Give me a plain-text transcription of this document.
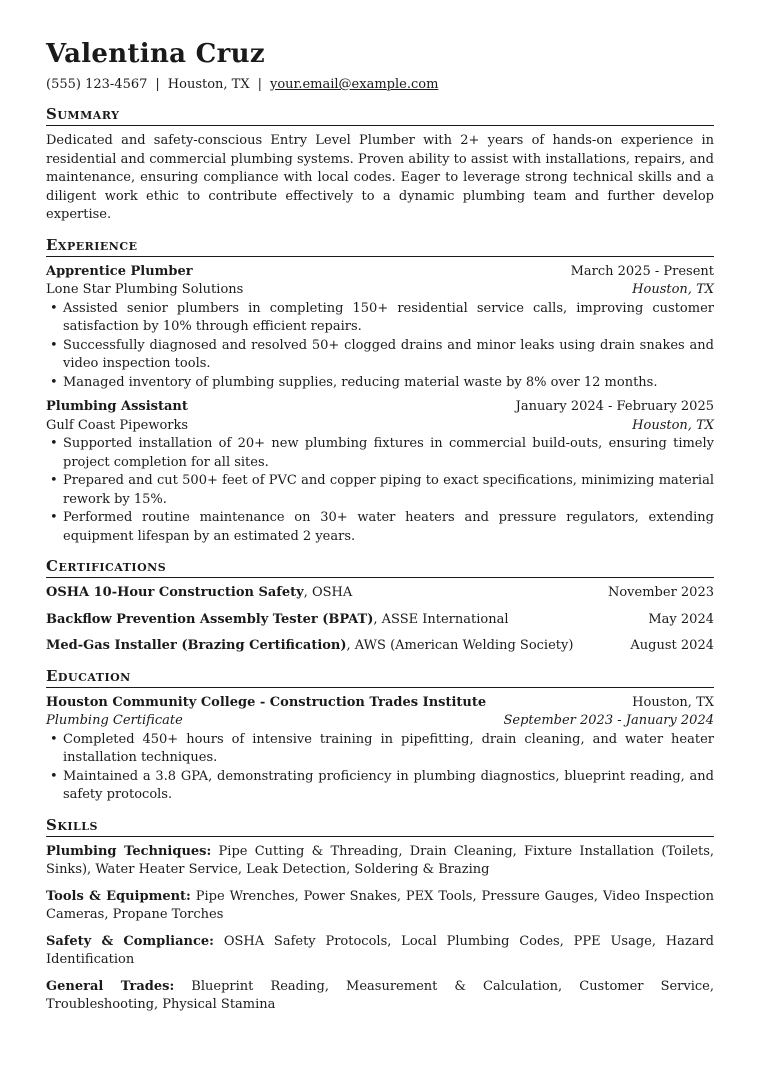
Valentina Cruz
(555) 123-4567 | Houston, TX | your.email@example.com
Summary

Dedicated and safety-conscious Entry Level Plumber with 2+ years of hands-on experience in residential and commercial plumbing systems. Proven ability to assist with installations, repairs, and maintenance, ensuring compliance with local codes. Eager to leverage strong technical skills and a diligent work ethic to contribute effectively to a dynamic plumbing team and further develop expertise.

Experience
Apprentice Plumber	March 2025 - Present
Lone Star Plumbing Solutions	Houston, TX
• Assisted senior plumbers in completing 150+ residential service calls, improving customer satisfaction by 10% through efficient repairs.
• Successfully diagnosed and resolved 50+ clogged drains and minor leaks using drain snakes and video inspection tools.
• Managed inventory of plumbing supplies, reducing material waste by 8% over 12 months.
Plumbing Assistant	January 2024 - February 2025
Gulf Coast Pipeworks	Houston, TX
• Supported installation of 20+ new plumbing fixtures in commercial build-outs, ensuring timely project completion for all sites.
• Prepared and cut 500+ feet of PVC and copper piping to exact specifications, minimizing material rework by 15%.
• Performed routine maintenance on 30+ water heaters and pressure regulators, extending equipment lifespan by an estimated 2 years.
Certifications
OSHA 10-Hour Construction Safety, OSHA	November 2023
Backflow Prevention Assembly Tester (BPAT), ASSE International	May 2024
Med-Gas Installer (Brazing Certification), AWS (American Welding Society)	August 2024
Education
Houston Community College - Construction Trades Institute	Houston, TX
Plumbing Certificate	September 2023 - January 2024
• Completed 450+ hours of intensive training in pipefitting, drain cleaning, and water heater installation techniques.
• Maintained a 3.8 GPA, demonstrating proficiency in plumbing diagnostics, blueprint reading, and safety protocols.
Skills
Plumbing Techniques: Pipe Cutting & Threading, Drain Cleaning, Fixture Installation (Toilets, Sinks), Water Heater Service, Leak Detection, Soldering & Brazing
Tools & Equipment: Pipe Wrenches, Power Snakes, PEX Tools, Pressure Gauges, Video Inspection Cameras, Propane Torches
Safety & Compliance: OSHA Safety Protocols, Local Plumbing Codes, PPE Usage, Hazard Identification
General Trades: Blueprint Reading, Measurement & Calculation, Customer Service, Troubleshooting, Physical Stamina
